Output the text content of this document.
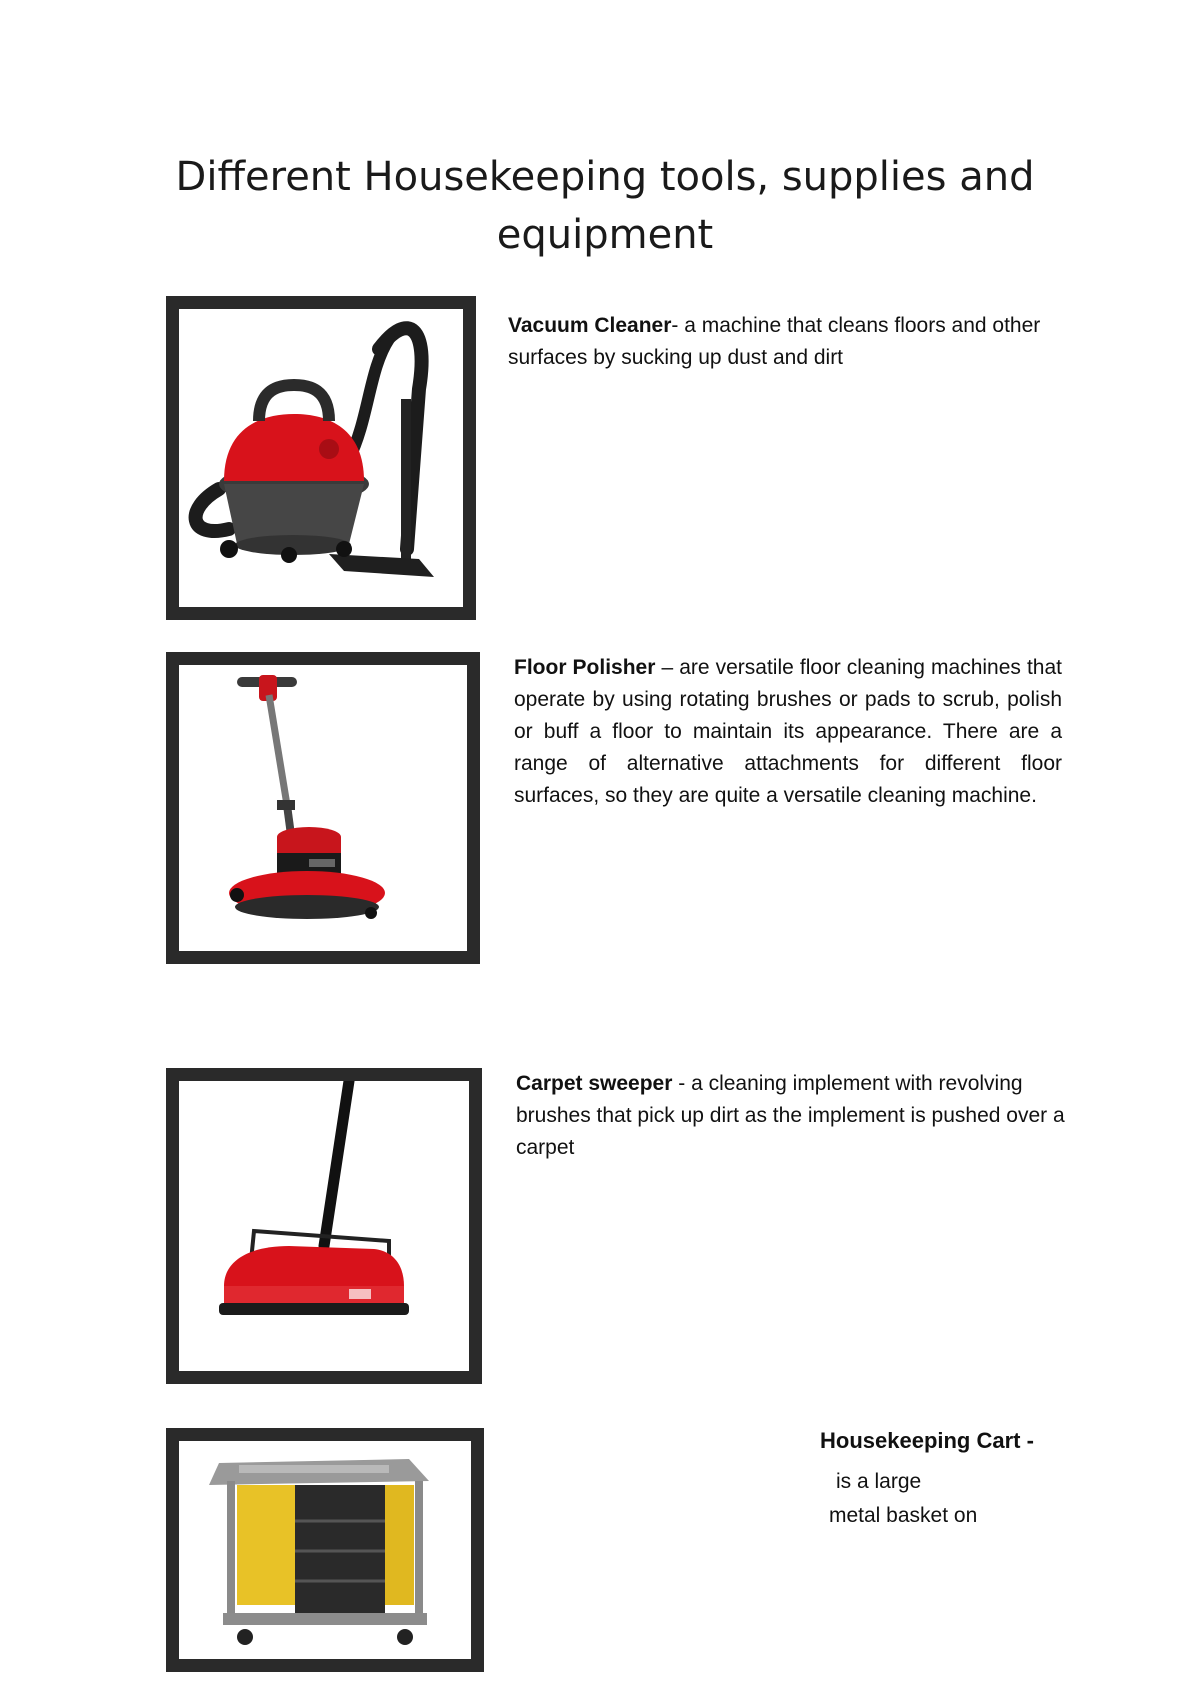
Different Housekeeping tools, supplies and equipment
Vacuum Cleaner- a machine that cleans floors and other surfaces by sucking up dust and dirt
Floor Polisher – are versatile floor cleaning machines that operate by using rotating brushes or pads to scrub, polish or buff a floor to maintain its appearance. There are a range of alternative attachments for different floor surfaces, so they are quite a versatile cleaning machine.
Carpet sweeper - a cleaning implement with revolving brushes that pick up dirt as the implement is pushed over a carpet
Housekeeping Cart -
is a large
metal basket on
